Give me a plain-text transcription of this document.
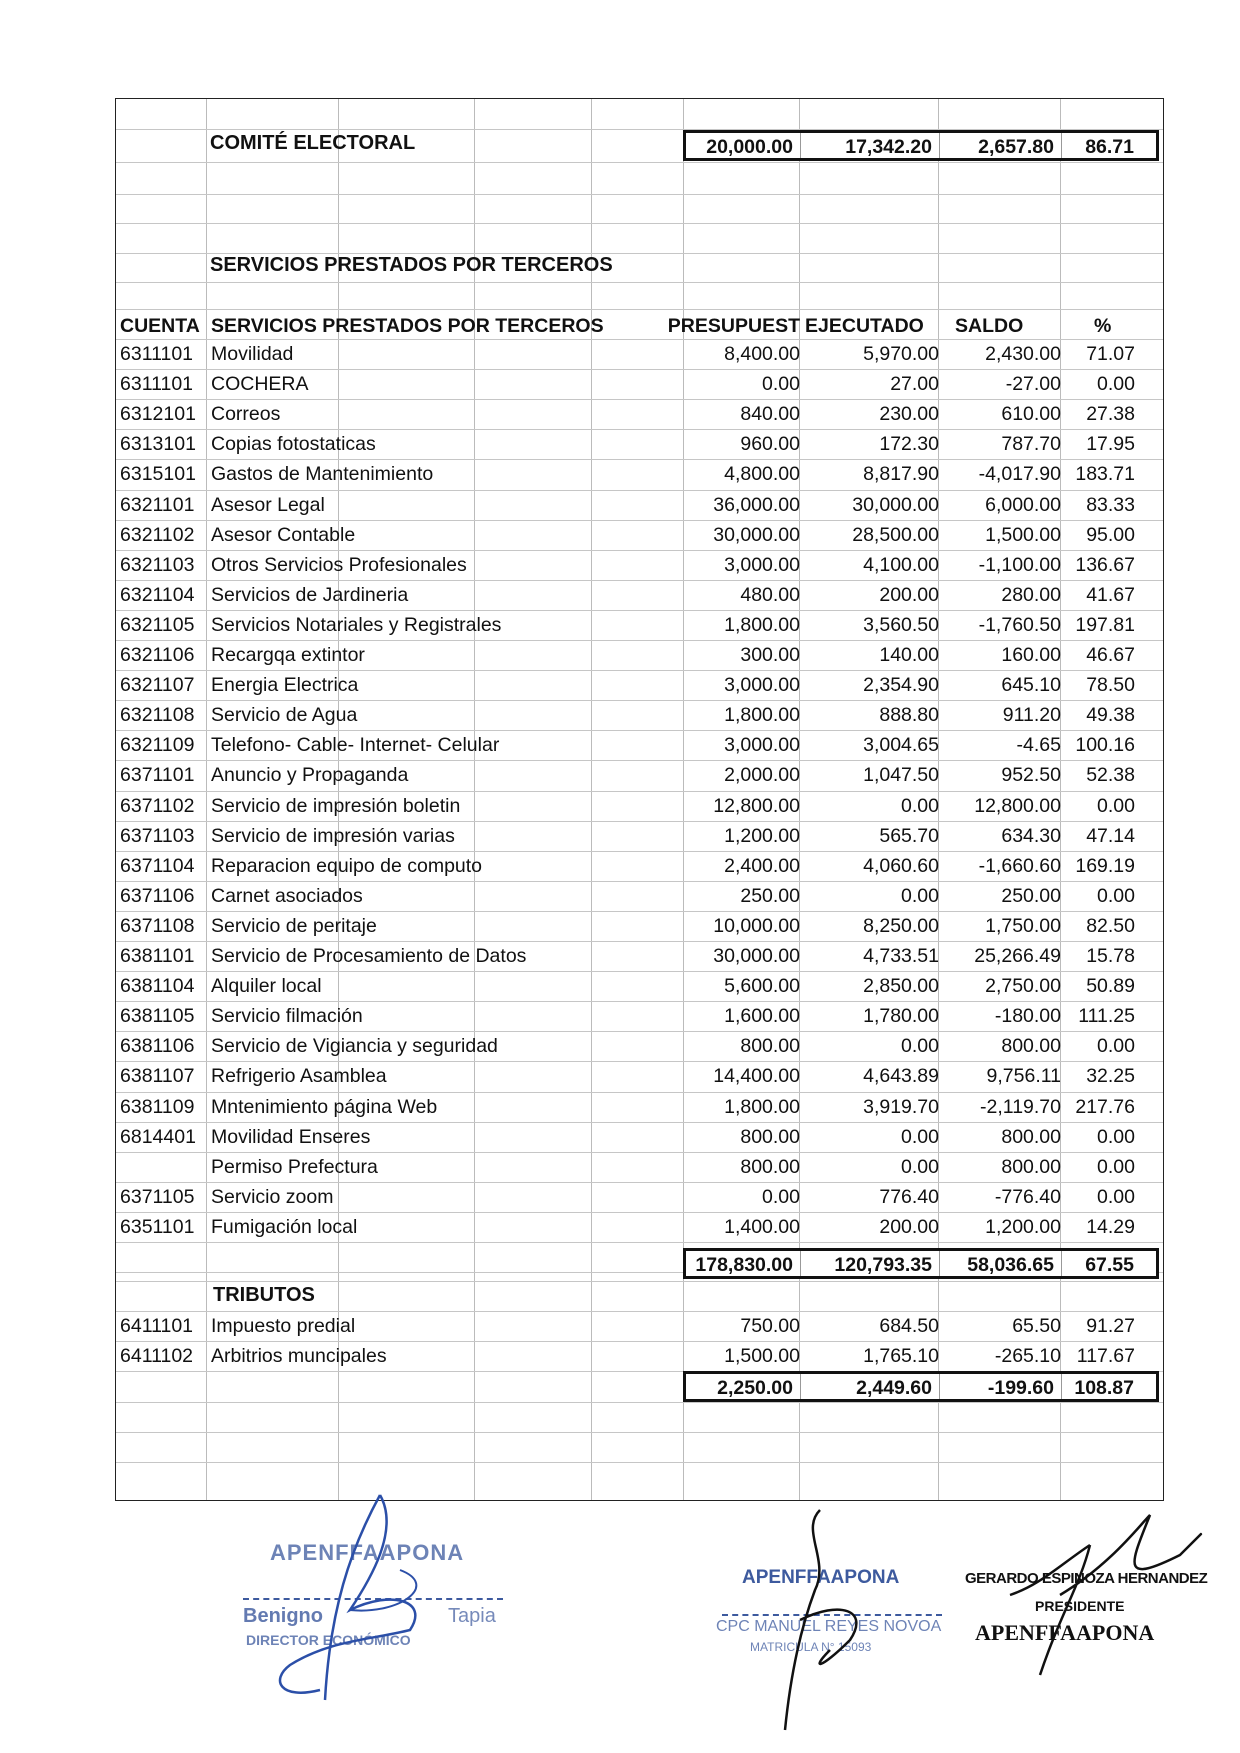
COMITÉ ELECTORAL	20,000.00	17,342.20 2,657.80 86.71
SERVICIOS PRESTADOS POR TERCEROS
CUENTA SERVICIOS PRESTADOS POR TERCEROS	PRESUPUEST EJECUTADO SALDO	%
6311101 Movilidad	8,400.00	5,970.00 2,430.00 71.07
6311101 COCHERA	0.00	27.00	-27.00 0.00
6312101 Correos	840.00	230.00	610.00 27.38
6313101 Copias fotostaticas	960.00	172.30	787.70 17.95
6315101 Gastos de Mantenimiento	4,800.00	8,817.90 -4,017.90 183.71
6321101 Asesor Legal	36,000.00	30,000.00 6,000.00 83.33
6321102 Asesor Contable	30,000.00	28,500.00 1,500.00 95.00
6321103 Otros Servicios Profesionales	3,000.00	4,100.00 -1,100.00 136.67
6321104 Servicios de Jardineria	480.00	200.00	280.00 41.67
6321105 Servicios Notariales y Registrales	1,800.00	3,560.50 -1,760.50 197.81
6321106 Recargqa extintor	300.00	140.00	160.00 46.67
6321107 Energia Electrica	3,000.00	2,354.90	645.10 78.50
6321108 Servicio de Agua	1,800.00	888.80	911.20 49.38
6321109 Telefono- Cable- Internet- Celular	3,000.00	3,004.65	-4.65 100.16
6371101 Anuncio y Propaganda	2,000.00	1,047.50	952.50 52.38
6371102 Servicio de impresión boletin	12,800.00	0.00 12,800.00 0.00
6371103 Servicio de impresión varias	1,200.00	565.70	634.30 47.14
6371104 Reparacion equipo de computo	2,400.00	4,060.60 -1,660.60 169.19
6371106 Carnet asociados	250.00	0.00	250.00 0.00
6371108 Servicio de peritaje	10,000.00	8,250.00 1,750.00 82.50
6381101 Servicio de Procesamiento de Datos	30,000.00	4,733.51 25,266.49 15.78
6381104 Alquiler local	5,600.00	2,850.00 2,750.00 50.89
6381105 Servicio filmación	1,600.00	1,780.00	-180.00 111.25
6381106 Servicio de Vigiancia y seguridad	800.00	0.00	800.00 0.00
6381107 Refrigerio Asamblea	14,400.00	4,643.89 9,756.11 32.25
6381109 Mntenimiento página Web	1,800.00	3,919.70 -2,119.70 217.76
6814401 Movilidad Enseres	800.00	0.00	800.00 0.00
Permiso Prefectura	800.00	0.00	800.00 0.00
6371105 Servicio zoom	0.00	776.40	-776.40 0.00
6351101 Fumigación local	1,400.00	200.00 1,200.00 14.29
178,830.00 120,793.35 58,036.65 67.55
TRIBUTOS
6411101 Impuesto predial	750.00	684.50	65.50 91.27
6411102 Arbitrios muncipales	1,500.00	1,765.10	-265.10 117.67
2,250.00	2,449.60	-199.60 108.87
APENFFAAPONA
Benigno	Tapia
DIRECTOR ECONÓMICO
APENFFAAPONA
CPC MANUEL REYES NOVOA
MATRICULA N° 15093
GERARDO ESPINOZA HERNANDEZ
PRESIDENTE
APENFFAAPONA
